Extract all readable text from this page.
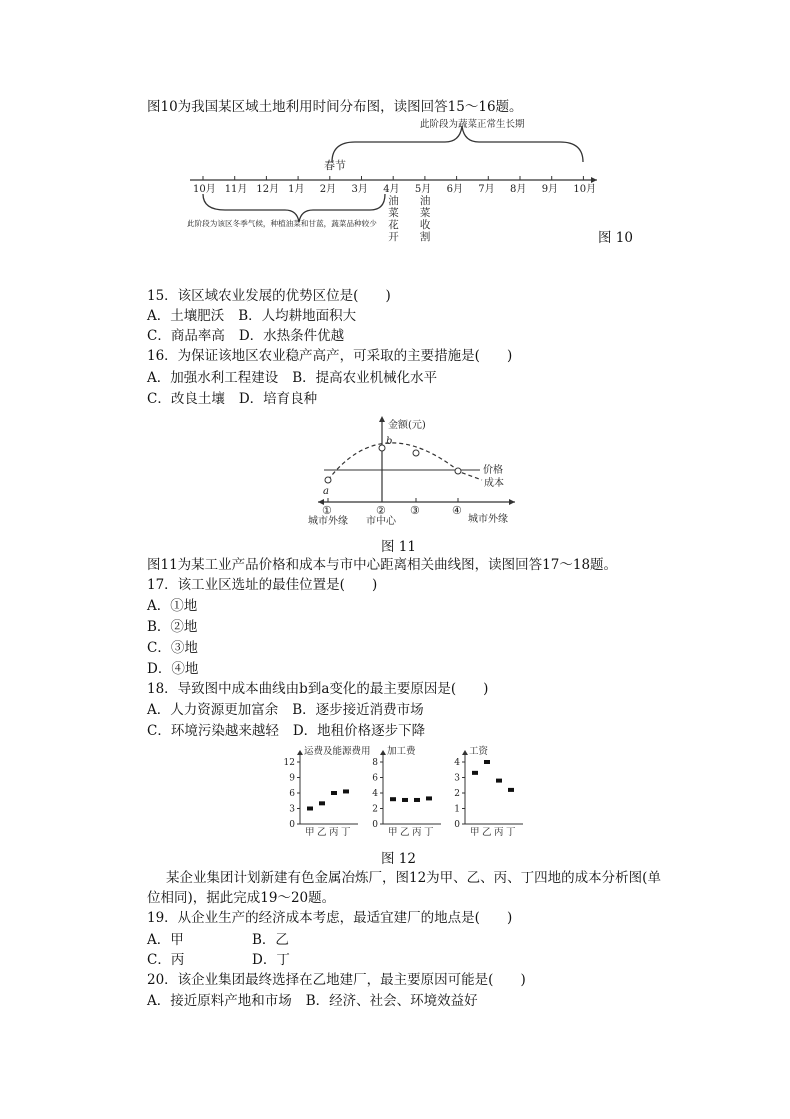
图10为我国某区域土地利用时间分布图，读图回答15～16题。
此阶段为蔬菜正常生长期
春节
10月 11月 12月 1月 2月 3月 4月 5月 6月 7月 8月 9月 10月
此阶段为该区冬季气候，种植油菜和甘蓝，蔬菜品种较少
油
菜
花
开
油
菜
收
割	图 10
15．该区域农业发展的优势区位是(　　)
A．土壤肥沃 B．人均耕地面积大
C．商品率高 D．水热条件优越
16．为保证该地区农业稳产高产，可采取的主要措施是(　　)
A．加强水利工程建设 B．提高农业机械化水平
C．改良土壤 D．培育良种
金额(元)
价格
成本
a
b
①	② ③	④
城市外缘 市中心	城市外缘
图 11
图11为某工业产品价格和成本与市中心距离相关曲线图，读图回答17～18题。
17．该工业区选址的最佳位置是(　　)
A．①地
B．②地
C．③地
D．④地
18．导致图中成本曲线由b到a变化的最主要原因是(　　)
A．人力资源更加富余 B．逐步接近消费市场
C．环境污染越来越轻 D．地租价格逐步下降
运费及能源费用
0
3
6
9
12
甲 乙 丙 丁
加工费
0
2
4
6
8
甲 乙 丙 丁
工资
0
1
2
3
4
甲 乙 丙 丁
图 12
某企业集团计划新建有色金属冶炼厂，图12为甲、乙、丙、丁四地的成本分析图(单
位相同)，据此完成19～20题。
19．从企业生产的经济成本考虑，最适宜建厂的地点是(　　)
A．甲	B．乙
C．丙	D．丁
20．该企业集团最终选择在乙地建厂，最主要原因可能是(　　)
A．接近原料产地和市场 B．经济、社会、环境效益好
